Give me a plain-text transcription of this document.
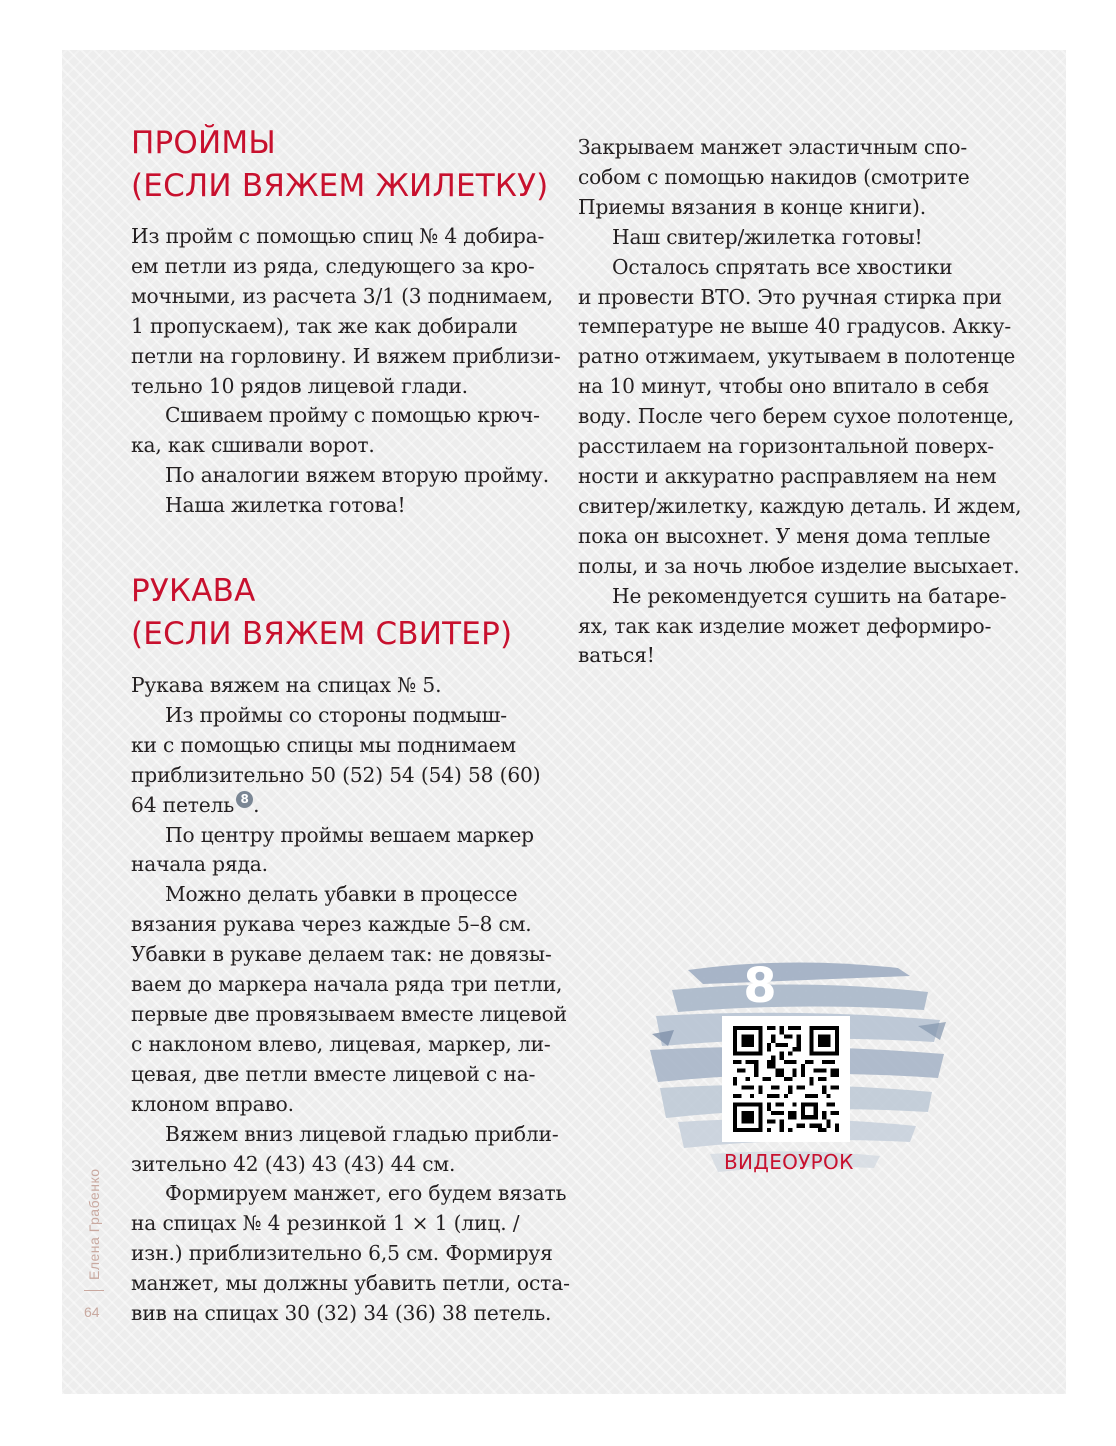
ПРОЙМЫ
(ЕСЛИ ВЯЖЕМ ЖИЛЕТКУ)

Из пройм с помощью спиц № 4 добира-
ем петли из ряда, следующего за кро-
мочными, из расчета 3/1 (3 поднимаем,
1 пропускаем), так же как добирали
петли на горловину. И вяжем приблизи-
тельно 10 рядов лицевой глади.

Сшиваем пройму с помощью крюч-
ка, как сшивали ворот.

По аналогии вяжем вторую пройму.

Наша жилетка готова!

РУКАВА
(ЕСЛИ ВЯЖЕМ СВИТЕР)

Рукава вяжем на спицах № 5.

Из проймы со стороны подмыш-
ки с помощью спицы мы поднимаем
приблизительно 50 (52) 54 (54) 58 (60)
64 петель 8 .

По центру проймы вешаем маркер
начала ряда.

Можно делать убавки в процессе
вязания рукава через каждые 5–8 см.
Убавки в рукаве делаем так: не довязы-
ваем до маркера начала ряда три петли,
первые две провязываем вместе лицевой
с наклоном влево, лицевая, маркер, ли-
цевая, две петли вместе лицевой с на-
клоном вправо.

Вяжем вниз лицевой гладью прибли-
зительно 42 (43) 43 (43) 44 см.

Формируем манжет, его будем вязать
на спицах № 4 резинкой 1 × 1 (лиц. /
изн.) приблизительно 6,5 см. Формируя
манжет, мы должны убавить петли, оста-
вив на спицах 30 (32) 34 (36) 38 петель.

Закрываем манжет эластичным спо-
собом с помощью накидов (смотрите
Приемы вязания в конце книги).

Наш свитер/жилетка готовы!

Осталось спрятать все хвостики

и провести ВТО. Это ручная стирка при
температуре не выше 40 градусов. Акку-
ратно отжимаем, укутываем в полотенце
на 10 минут, чтобы оно впитало в себя
воду. После чего берем сухое полотенце,
расстилаем на горизонтальной поверх-
ности и аккуратно расправляем на нем
свитер/жилетку, каждую деталь. И ждем,
пока он высохнет. У меня дома теплые
полы, и за ночь любое изделие высыхает.

Не рекомендуется сушить на батаре-
ях, так как изделие может деформиро-
ваться!

8
ВИДЕОУРОК
Елена Грабенко
64
